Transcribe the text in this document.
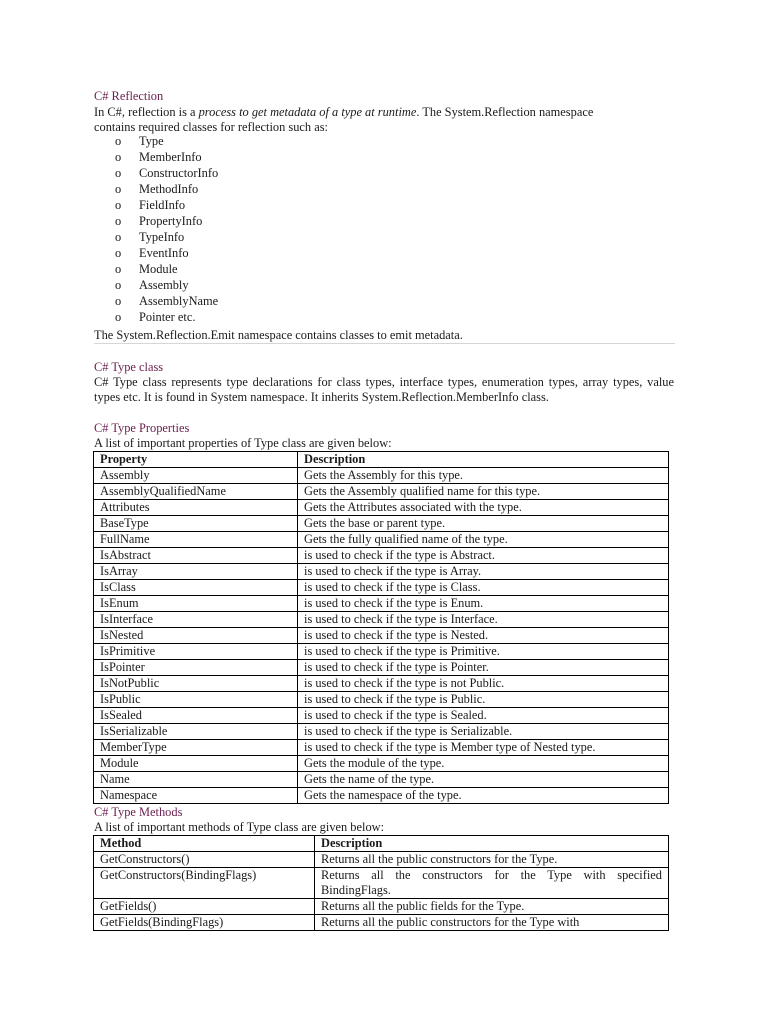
C# Reflection
In C#, reflection is a process to get metadata of a type at runtime. The System.Reflection namespace
contains required classes for reflection such as:
o	Type
o	MemberInfo
o	ConstructorInfo
o	MethodInfo
o	FieldInfo
o	PropertyInfo
o	TypeInfo
o	EventInfo
o	Module
o	Assembly
o	AssemblyName
o	Pointer etc.
The System.Reflection.Emit namespace contains classes to emit metadata.
C# Type class
C# Type class represents type declarations for class types, interface types, enumeration types, array types, value types etc. It is found in System namespace. It inherits System.Reflection.MemberInfo class.
C# Type Properties
A list of important properties of Type class are given below:
Property	Description
Assembly	Gets the Assembly for this type.
AssemblyQualifiedName	Gets the Assembly qualified name for this type.
Attributes	Gets the Attributes associated with the type.
BaseType	Gets the base or parent type.
FullName	Gets the fully qualified name of the type.
IsAbstract	is used to check if the type is Abstract.
IsArray	is used to check if the type is Array.
IsClass	is used to check if the type is Class.
IsEnum	is used to check if the type is Enum.
IsInterface	is used to check if the type is Interface.
IsNested	is used to check if the type is Nested.
IsPrimitive	is used to check if the type is Primitive.
IsPointer	is used to check if the type is Pointer.
IsNotPublic	is used to check if the type is not Public.
IsPublic	is used to check if the type is Public.
IsSealed	is used to check if the type is Sealed.
IsSerializable	is used to check if the type is Serializable.
MemberType	is used to check if the type is Member type of Nested type.
Module	Gets the module of the type.
Name	Gets the name of the type.
Namespace	Gets the namespace of the type.
C# Type Methods
A list of important methods of Type class are given below:
Method	Description
GetConstructors()	Returns all the public constructors for the Type.
GetConstructors(BindingFlags)	Returns all the constructors for the Type with specified BindingFlags.
GetFields()	Returns all the public fields for the Type.
GetFields(BindingFlags)	Returns all the public constructors for the Type with
